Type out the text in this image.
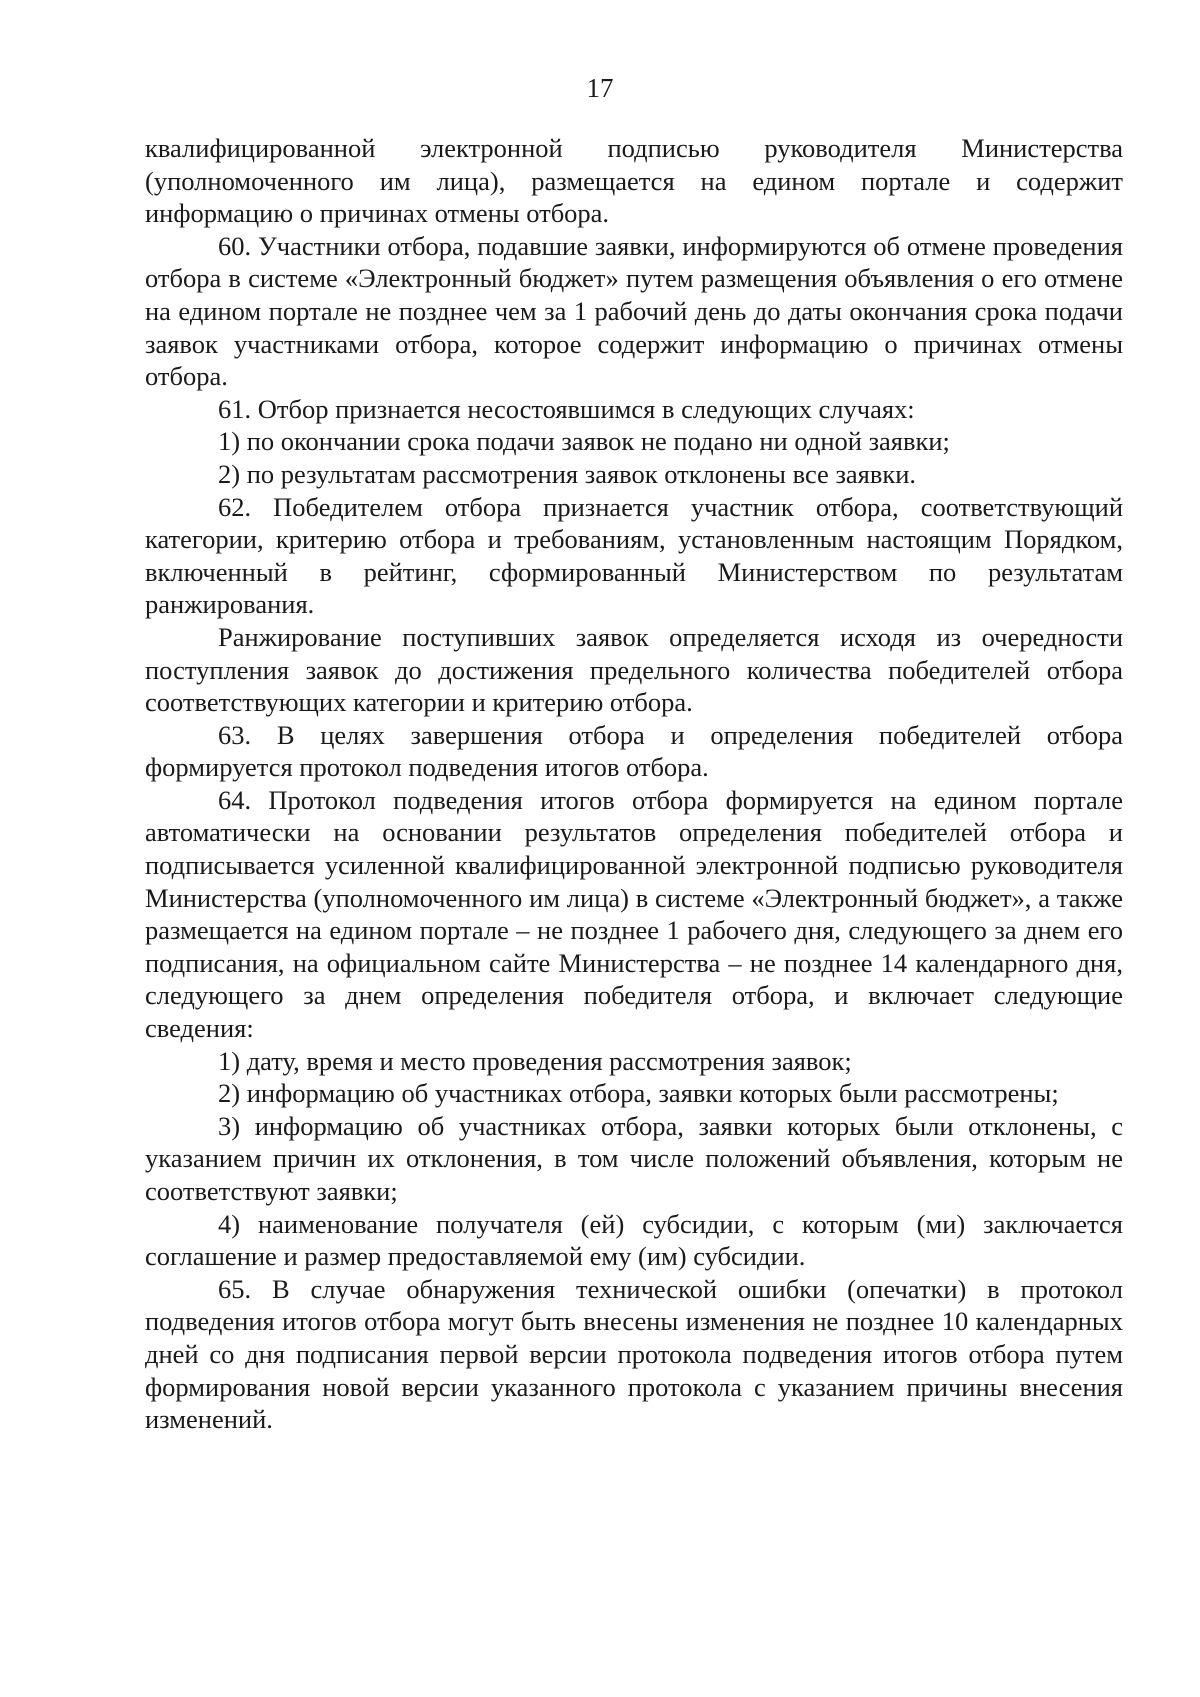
17

квалифицированной электронной подписью руководителя Министерства (уполномоченного им лица), размещается на едином портале и содержит информацию о причинах отмены отбора.

60. Участники отбора, подавшие заявки, информируются об отмене проведения отбора в системе «Электронный бюджет» путем размещения объявления о его отмене на едином портале не позднее чем за 1 рабочий день до даты окончания срока подачи заявок участниками отбора, которое содержит информацию о причинах отмены отбора.

61. Отбор признается несостоявшимся в следующих случаях:

1) по окончании срока подачи заявок не подано ни одной заявки;

2) по результатам рассмотрения заявок отклонены все заявки.

62. Победителем отбора признается участник отбора, соответствующий категории, критерию отбора и требованиям, установленным настоящим Порядком, включенный в рейтинг, сформированный Министерством по результатам ранжирования.

Ранжирование поступивших заявок определяется исходя из очередности поступления заявок до достижения предельного количества победителей отбора соответствующих категории и критерию отбора.

63. В целях завершения отбора и определения победителей отбора формируется протокол подведения итогов отбора.

64. Протокол подведения итогов отбора формируется на едином портале автоматически на основании результатов определения победителей отбора и подписывается усиленной квалифицированной электронной подписью руководителя Министерства (уполномоченного им лица) в системе «Электронный бюджет», а также размещается на едином портале – не позднее 1 рабочего дня, следующего за днем его подписания, на официальном сайте Министерства – не позднее 14 календарного дня, следующего за днем определения победителя отбора, и включает следующие сведения:

1) дату, время и место проведения рассмотрения заявок;

2) информацию об участниках отбора, заявки которых были рассмотрены;

3) информацию об участниках отбора, заявки которых были отклонены, с указанием причин их отклонения, в том числе положений объявления, которым не соответствуют заявки;

4) наименование получателя (ей) субсидии, с которым (ми) заключается соглашение и размер предоставляемой ему (им) субсидии.

65. В случае обнаружения технической ошибки (опечатки) в протокол подведения итогов отбора могут быть внесены изменения не позднее 10 календарных дней со дня подписания первой версии протокола подведения итогов отбора путем формирования новой версии указанного протокола с указанием причины внесения изменений.
